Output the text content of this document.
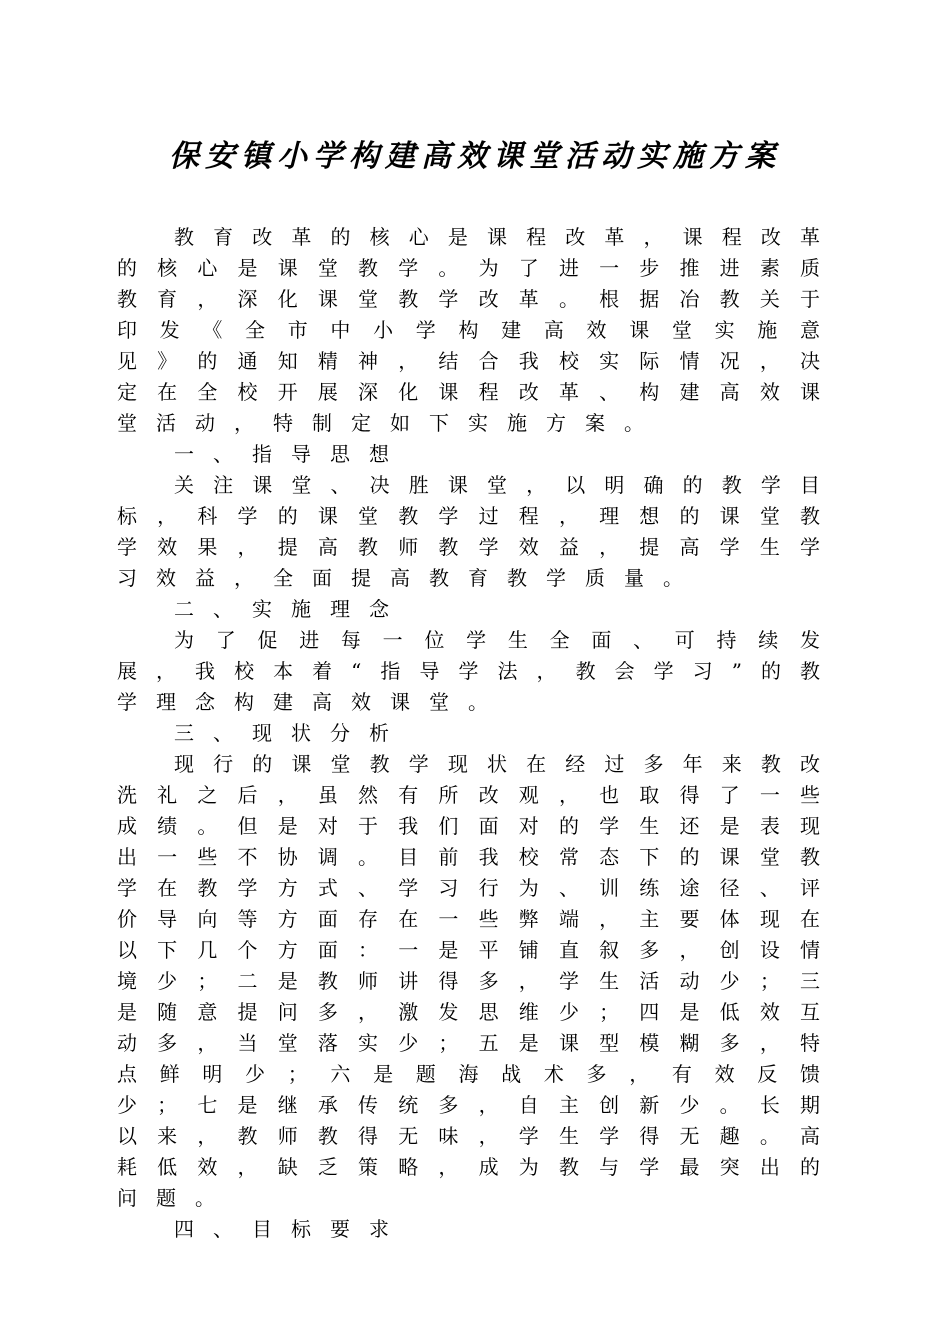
保安镇小学构建高效课堂活动实施方案

教育改革的核心是课程改革，课程改革的核心是课堂教学。为了进一步推进素质教育，深化课堂教学改革。根据冶教关于印发《全市中小学构建高效课堂实施意见》的通知精神，结合我校实际情况，决定在全校开展深化课程改革、构建高效课堂活动，特制定如下实施方案。

一、指导思想

关注课堂、决胜课堂，以明确的教学目标，科学的课堂教学过程，理想的课堂教学效果，提高教师教学效益，提高学生学习效益，全面提高教育教学质量。

二、实施理念

为了促进每一位学生全面、可持续发展，我校本着“指导学法，教会学习”的教学理念构建高效课堂。

三、现状分析

现行的课堂教学现状在经过多年来教改洗礼之后，虽然有所改观，也取得了一些成绩。但是对于我们面对的学生还是表现出一些不协调。目前我校常态下的课堂教学在教学方式、学习行为、训练途径、评价导向等方面存在一些弊端，主要体现在以下几个方面：一是平铺直叙多，创设情境少；二是教师讲得多，学生活动少；三是随意提问多，激发思维少；四是低效互动多，当堂落实少；五是课型模糊多，特点鲜明少；六是题海战术多，有效反馈少；七是继承传统多，自主创新少。长期以来，教师教得无味，学生学得无趣。高耗低效，缺乏策略，成为教与学最突出的问题。

四、目标要求
